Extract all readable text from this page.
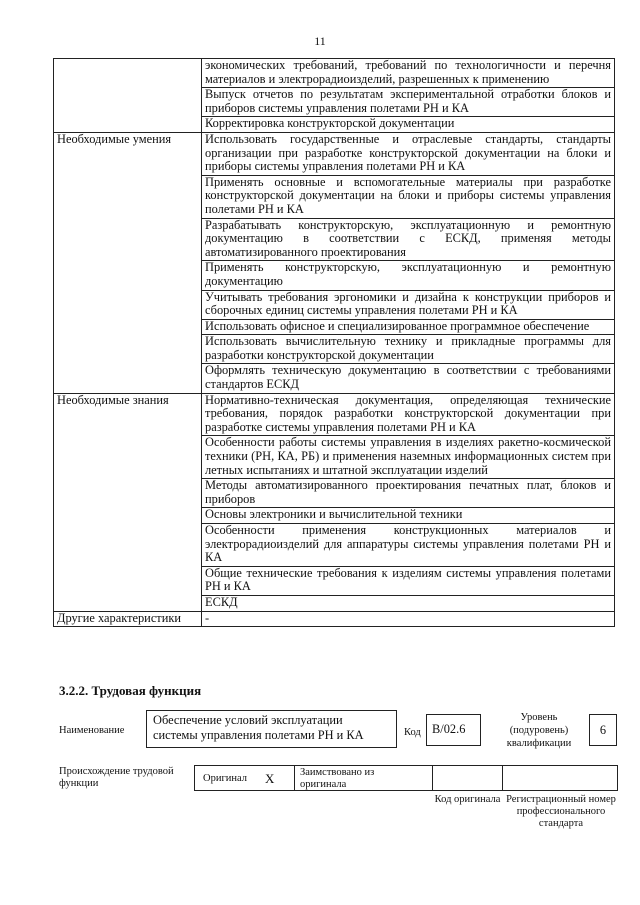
11
	экономических требований, требований по технологичности и перечня материалов и электрорадиоизделий, разрешенных к применению
	Выпуск отчетов по результатам экспериментальной отработки блоков и приборов системы управления полетами РН и КА
	Корректировка конструкторской документации
Необходимые умения	Использовать государственные и отраслевые стандарты, стандарты организации при разработке конструкторской документации на блоки и приборы системы управления полетами РН и КА
	Применять основные и вспомогательные материалы при разработке конструкторской документации на блоки и приборы системы управления полетами РН и КА
	Разрабатывать конструкторскую, эксплуатационную и ремонтную документацию в соответствии с ЕСКД, применяя методы автоматизированного проектирования
	Применять конструкторскую, эксплуатационную и ремонтную документацию
	Учитывать требования эргономики и дизайна к конструкции приборов и сборочных единиц системы управления полетами РН и КА
	Использовать офисное и специализированное программное обеспечение
	Использовать вычислительную технику и прикладные программы для разработки конструкторской документации
	Оформлять техническую документацию в соответствии с требованиями стандартов ЕСКД
Необходимые знания	Нормативно-техническая документация, определяющая технические требования, порядок разработки конструкторской документации при разработке системы управления полетами РН и КА
	Особенности работы системы управления в изделиях ракетно-космической техники (РН, КА, РБ) и применения наземных информационных систем при летных испытаниях и штатной эксплуатации изделий
	Методы автоматизированного проектирования печатных плат, блоков и приборов
	Основы электроники и вычислительной техники
	Особенности применения конструкционных материалов и электрорадиоизделий для аппаратуры системы управления полетами РН и КА
	Общие технические требования к изделиям системы управления полетами РН и КА
	ЕСКД
Другие характеристики	-
3.2.2. Трудовая функция
Наименование
Обеспечение условий эксплуатации системы управления полетами РН и КА	Код B/02.6
Уровень (подуровень) квалификации
6
Происхождение трудовой функции	Оригинал X Заимствовано из оригинала
Код оригинала Регистрационный номер профессионального стандарта
